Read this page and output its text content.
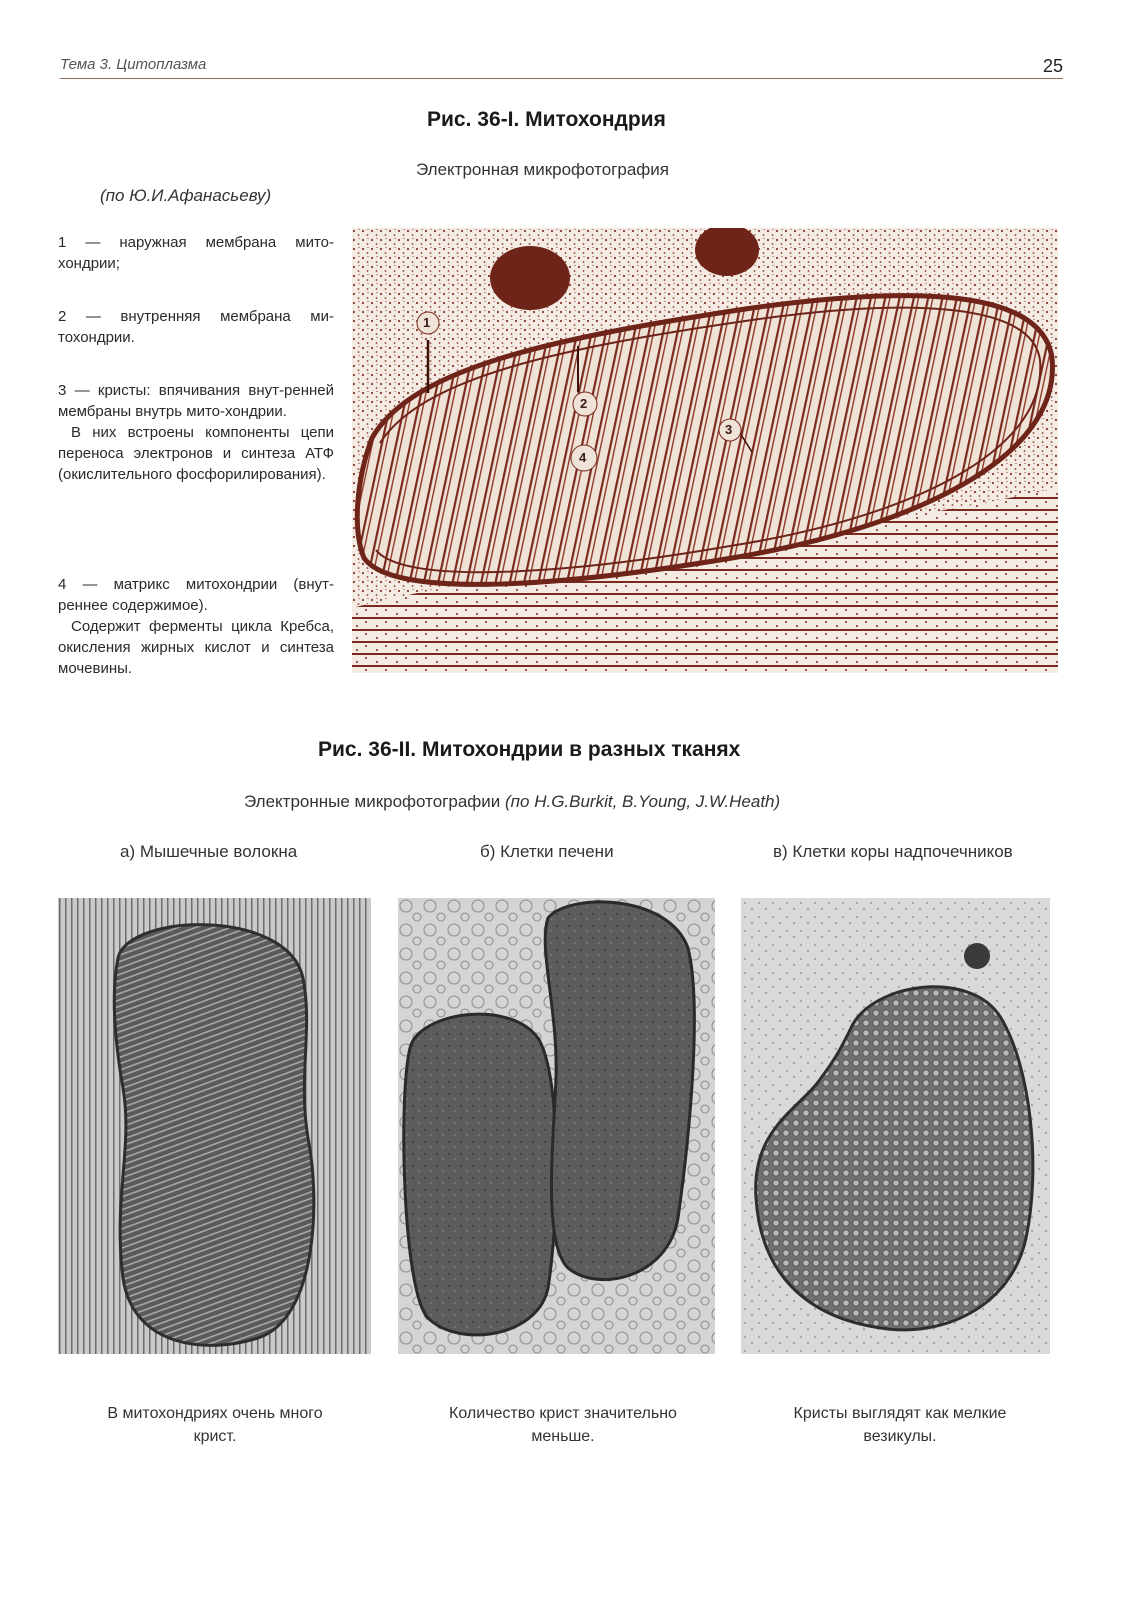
Тема 3. Цитоплазма	25
Рис. 36-I. Митохондрия
Электронная микрофотография
(по Ю.И.Афанасьеву)

1 — наружная мембрана мито-хондрии;

2 — внутренняя мембрана ми-тохондрии.

3 — кристы: впячивания внут-ренней мембраны внутрь мито-хондрии.

В них встроены компоненты цепи переноса электронов и синтеза АТФ (окислительного фосфорилирования).

4 — матрикс митохондрии (внут-реннее содержимое).

Содержит ферменты цикла Кребса, окисления жирных кислот и синтеза мочевины.

1
2
3
4
Рис. 36-II. Митохондрии в разных тканях
Электронные микрофотографии (по H.G.Burkit, B.Young, J.W.Heath)
а) Мышечные волокна	б) Клетки печени	в) Клетки коры надпочечников
В митохондриях очень много крист.
Количество крист значительно меньше.
Кристы выглядят как мелкие везикулы.
